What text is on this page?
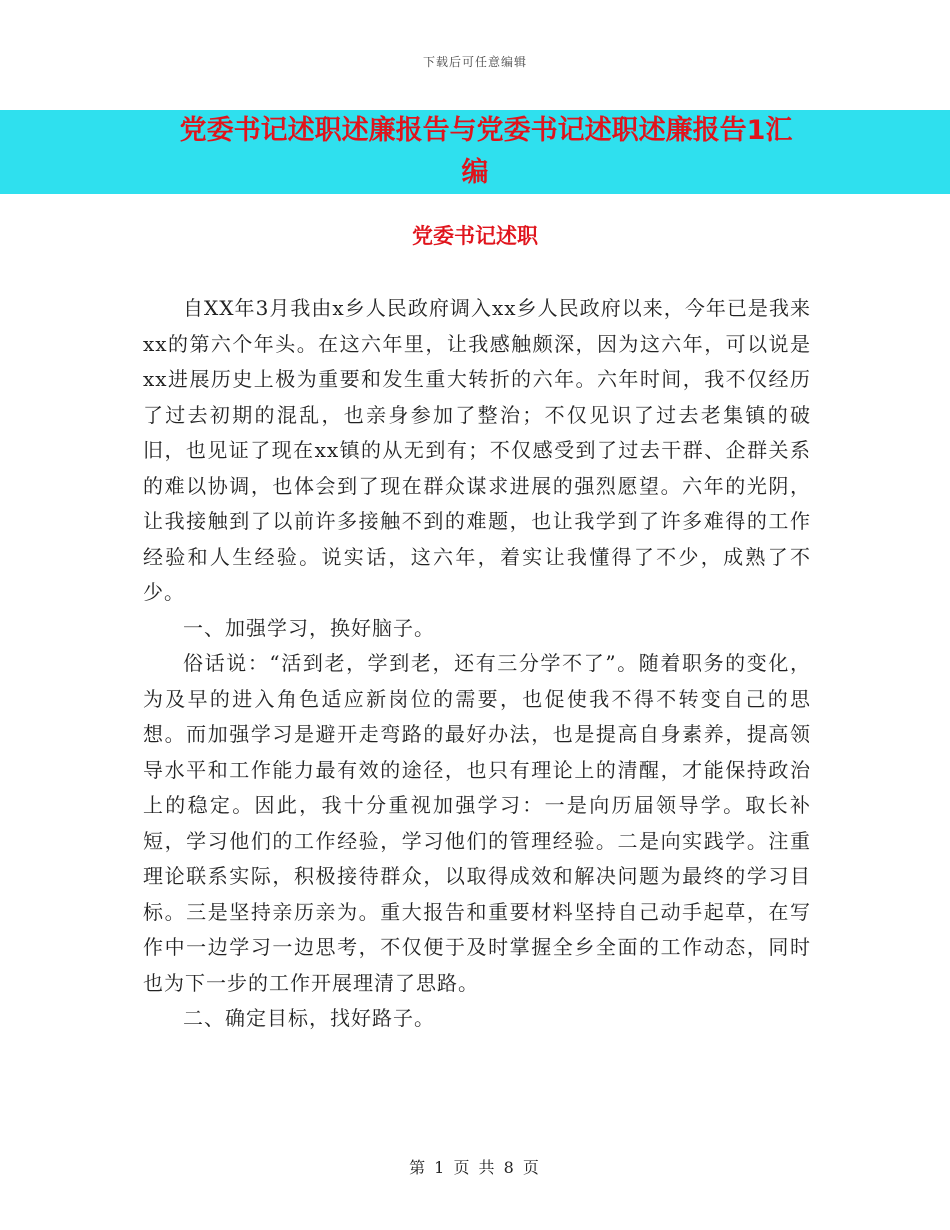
下载后可任意编辑
党委书记述职述廉报告与党委书记述职述廉报告1汇
编
党委书记述职

自XX年3月我由x乡人民政府调入xx乡人民政府以来，今年已是我来xx的第六个年头。在这六年里，让我感触颇深，因为这六年，可以说是xx进展历史上极为重要和发生重大转折的六年。六年时间，我不仅经历了过去初期的混乱，也亲身参加了整治；不仅见识了过去老集镇的破旧，也见证了现在xx镇的从无到有；不仅感受到了过去干群、企群关系的难以协调，也体会到了现在群众谋求进展的强烈愿望。六年的光阴，让我接触到了以前许多接触不到的难题，也让我学到了许多难得的工作经验和人生经验。说实话，这六年，着实让我懂得了不少，成熟了不少。

一、加强学习，换好脑子。

俗话说：“活到老，学到老，还有三分学不了”。随着职务的变化，为及早的进入角色适应新岗位的需要，也促使我不得不转变自己的思想。而加强学习是避开走弯路的最好办法，也是提高自身素养，提高领导水平和工作能力最有效的途径，也只有理论上的清醒，才能保持政治上的稳定。因此，我十分重视加强学习：一是向历届领导学。取长补短，学习他们的工作经验，学习他们的管理经验。二是向实践学。注重理论联系实际，积极接待群众，以取得成效和解决问题为最终的学习目标。三是坚持亲历亲为。重大报告和重要材料坚持自己动手起草，在写作中一边学习一边思考，不仅便于及时掌握全乡全面的工作动态，同时也为下一步的工作开展理清了思路。

二、确定目标，找好路子。

第 1 页 共 8 页
